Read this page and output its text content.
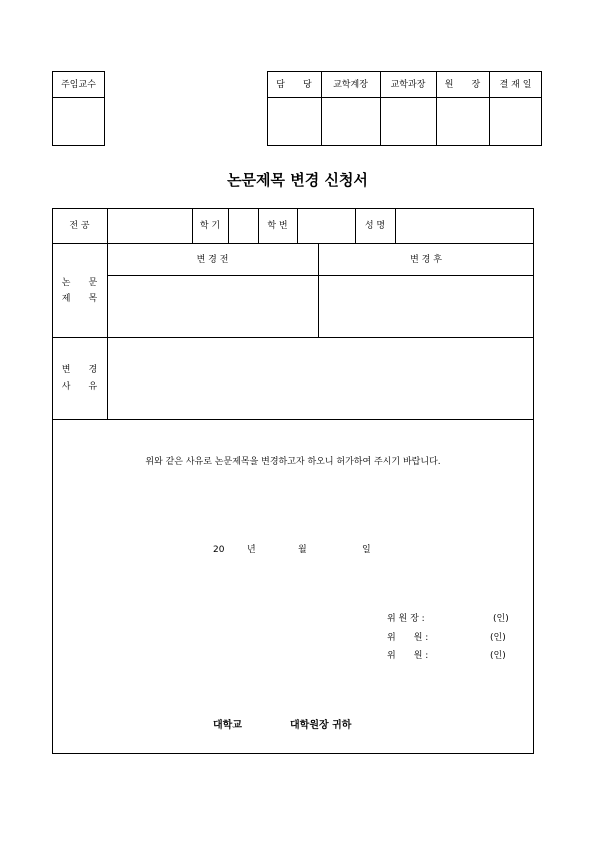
주임교수	담  당	교학계장	교학과장	원  장	결 재 일
논문제목 변경 신청서
전 공	학 기	학 번	성 명
논  문
제  목
변 경 전	변 경 후
변  경
사  유
위와 같은 사유로 논문제목을 변경하고자 하오니 허가하여 주시기 바랍니다.
20	년	월	일
위 원 장 :	(인)
위  원 :	(인)
위  원 :	(인)
대학교	대학원장 귀하
